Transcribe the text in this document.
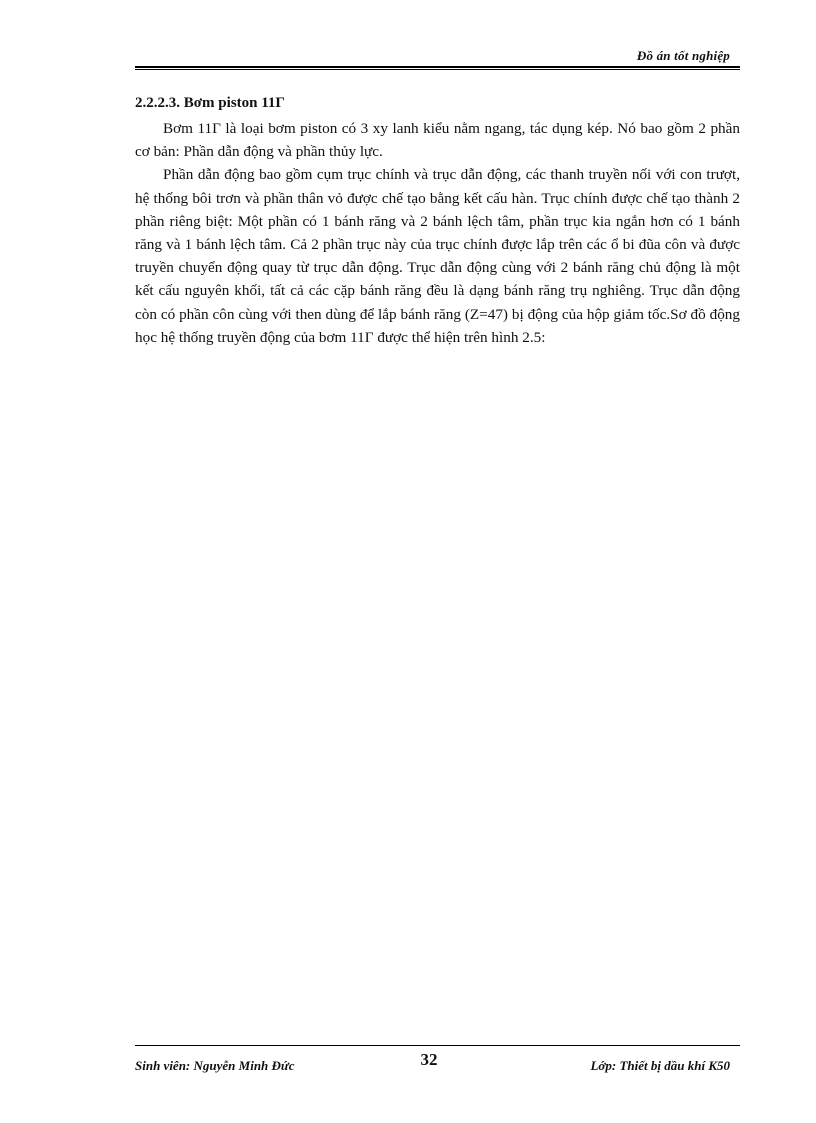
Đồ án tốt nghiệp

2.2.2.3. Bơm piston 11Г

Bơm 11Г là loại bơm piston có 3 xy lanh kiểu nằm ngang, tác dụng kép. Nó bao gồm 2 phần cơ bản: Phần dẫn động và phần thủy lực.

Phần dẫn động bao gồm cụm trục chính và trục dẫn động, các thanh truyền nối với con trượt, hệ thống bôi trơn và phần thân vỏ được chế tạo bằng kết cấu hàn. Trục chính được chế tạo thành 2 phần riêng biệt: Một phần có 1 bánh răng và 2 bánh lệch tâm, phần trục kia ngắn hơn có 1 bánh răng và 1 bánh lệch tâm. Cả 2 phần trục này của trục chính được lắp trên các ổ bi đũa côn và được truyền chuyển động quay từ trục dẫn động. Trục dẫn động cùng với 2 bánh răng chủ động là một kết cấu nguyên khối, tất cả các cặp bánh răng đều là dạng bánh răng trụ nghiêng. Trục dẫn động còn có phần côn cùng với then dùng để lắp bánh răng (Z=47) bị động của hộp giảm tốc.Sơ đồ động học hệ thống truyền động của bơm 11Г được thể hiện trên hình 2.5:

Sinh viên: Nguyễn Minh Đức	32	Lớp: Thiết bị dầu khí K50
